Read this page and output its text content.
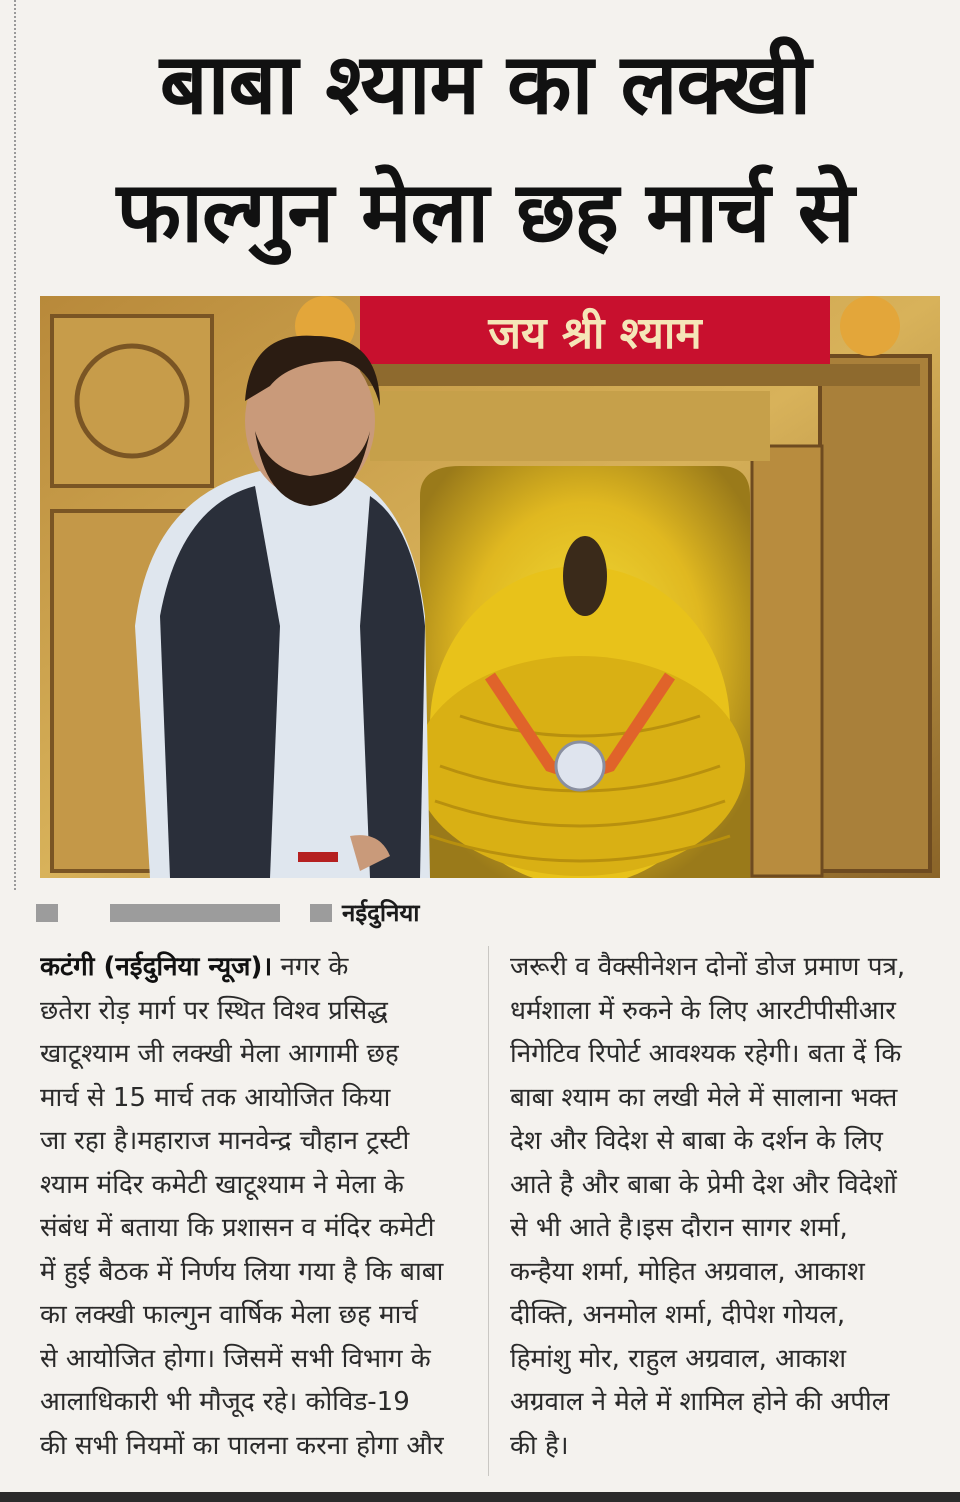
बाबा श्याम का लक्खी
फाल्गुन मेला छह मार्च से
जय श्री श्याम
नईदुनिया
कटंगी (नईदुनिया न्यूज)। नगर के
छतेरा रोड़ मार्ग पर स्थित विश्व प्रसिद्ध
खाटूश्याम जी लक्खी मेला आगामी छह
मार्च से 15 मार्च तक आयोजित किया
जा रहा है।महाराज मानवेन्द्र चौहान ट्रस्टी
श्याम मंदिर कमेटी खाटूश्याम ने मेला के
संबंध में बताया कि प्रशासन व मंदिर कमेटी
में हुई बैठक में निर्णय लिया गया है कि बाबा
का लक्खी फाल्गुन वार्षिक मेला छह मार्च
से आयोजित होगा। जिसमें सभी विभाग के
आलाधिकारी भी मौजूद रहे। कोविड-19
की सभी नियमों का पालना करना होगा और
जरूरी व वैक्सीनेशन दोनों डोज प्रमाण पत्र,
धर्मशाला में रुकने के लिए आरटीपीसीआर
निगेटिव रिपोर्ट आवश्यक रहेगी। बता दें कि
बाबा श्याम का लखी मेले में सालाना भक्त
देश और विदेश से बाबा के दर्शन के लिए
आते है और बाबा के प्रेमी देश और विदेशों
से भी आते है।इस दौरान सागर शर्मा,
कन्हैया शर्मा, मोहित अग्रवाल, आकाश
दीक्ति, अनमोल शर्मा, दीपेश गोयल,
हिमांशु मोर, राहुल अग्रवाल, आकाश
अग्रवाल ने मेले में शामिल होने की अपील
की है।
